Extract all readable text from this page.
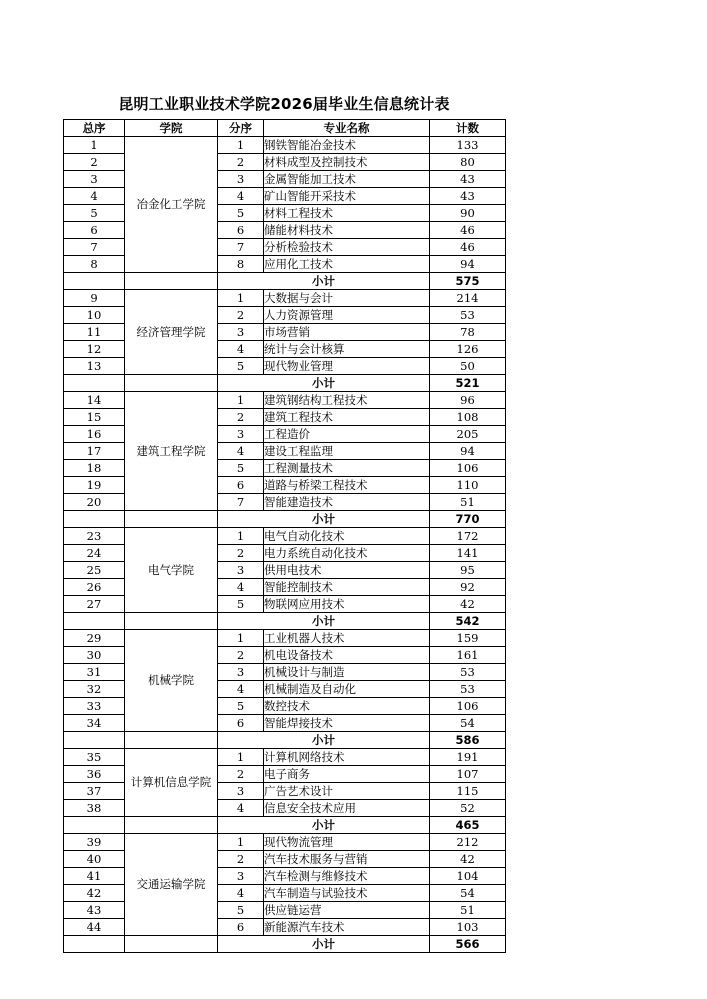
昆明工业职业技术学院2026届毕业生信息统计表
总序	学院	分序	专业名称	计数
1	冶金化工学院	1	钢铁智能冶金技术	133
2		2	材料成型及控制技术	80
3		3	金属智能加工技术	43
4		4	矿山智能开采技术	43
5		5	材料工程技术	90
6		6	储能材料技术	46
7		7	分析检验技术	46
8		8	应用化工技术	94
		小计		575
9	经济管理学院	1	大数据与会计	214
10		2	人力资源管理	53
11		3	市场营销	78
12		4	统计与会计核算	126
13		5	现代物业管理	50
		小计		521
14	建筑工程学院	1	建筑钢结构工程技术	96
15		2	建筑工程技术	108
16		3	工程造价	205
17		4	建设工程监理	94
18		5	工程测量技术	106
19		6	道路与桥梁工程技术	110
20		7	智能建造技术	51
		小计		770
23	电气学院	1	电气自动化技术	172
24		2	电力系统自动化技术	141
25		3	供用电技术	95
26		4	智能控制技术	92
27		5	物联网应用技术	42
		小计		542
29	机械学院	1	工业机器人技术	159
30		2	机电设备技术	161
31		3	机械设计与制造	53
32		4	机械制造及自动化	53
33		5	数控技术	106
34		6	智能焊接技术	54
		小计		586
35	计算机信息学院	1	计算机网络技术	191
36		2	电子商务	107
37		3	广告艺术设计	115
38		4	信息安全技术应用	52
		小计		465
39	交通运输学院	1	现代物流管理	212
40		2	汽车技术服务与营销	42
41		3	汽车检测与维修技术	104
42		4	汽车制造与试验技术	54
43		5	供应链运营	51
44		6	新能源汽车技术	103
		小计		566
